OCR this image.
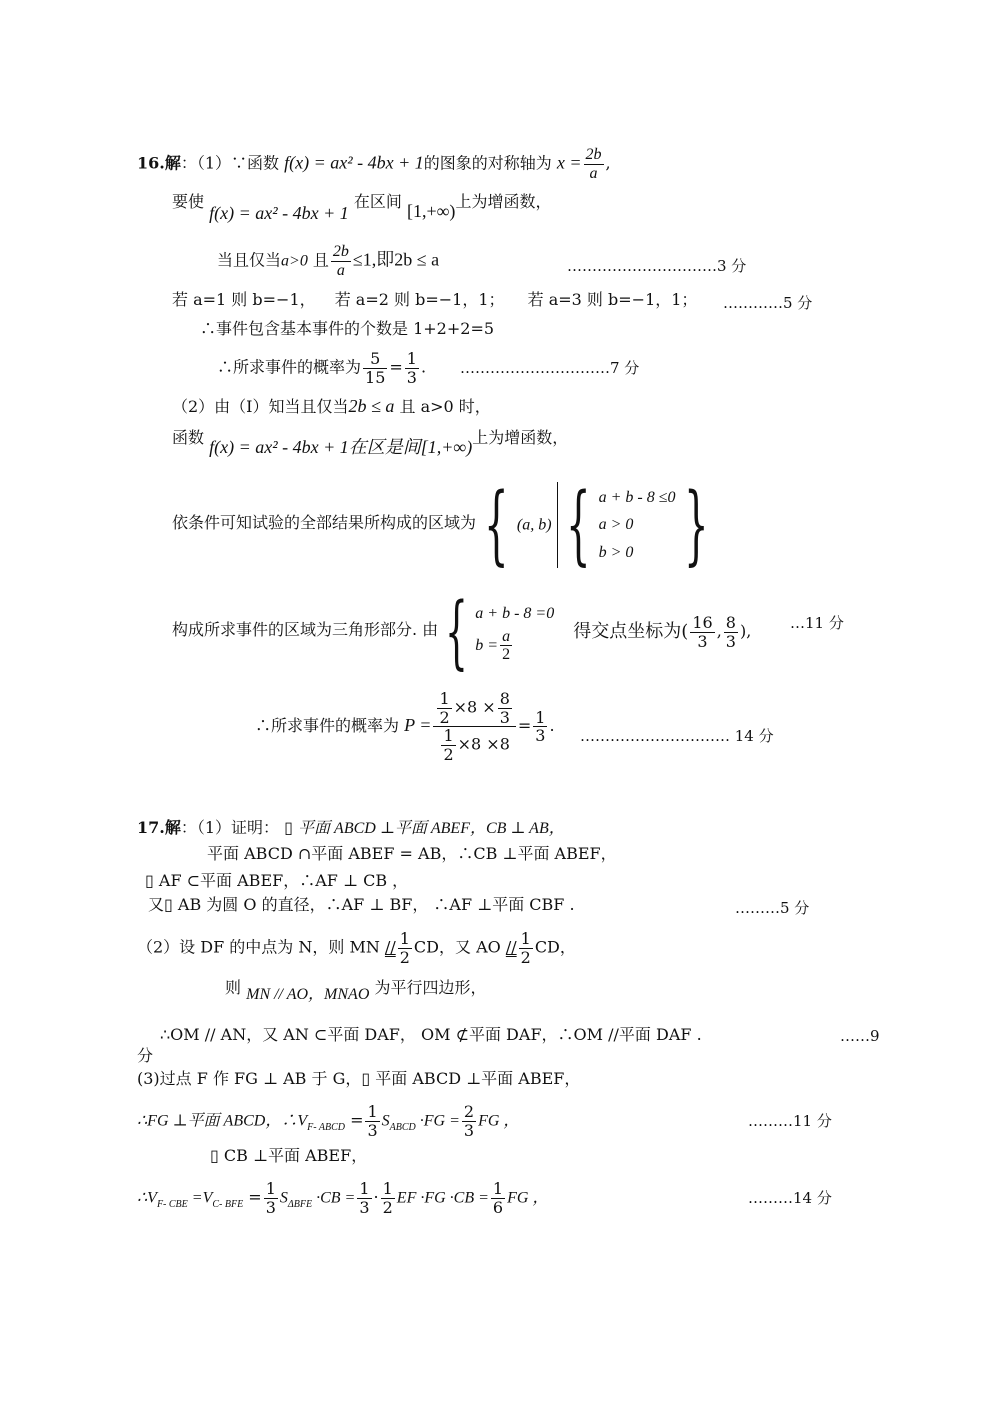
16.解：（1）∵函数 f(x) = ax² - 4bx + 1的图象的对称轴为 $x = \frac{2b}{a}$ ,
要使 f(x) = ax² - 4bx + 1 在区间 [1,+∞)上为增函数，
当且仅当a>0 且 $\frac{2b}{a} \le 1$,即2b ≤ a	…………………………3 分
若 a=1 则 b=−1， 若 a=2 则 b=−1，1； 若 a=3 则 b=−1，1； …………5 分
∴事件包含基本事件的个数是 1+2+2=5
∴所求事件的概率为 $\frac{5}{15} = \frac{1}{3}$ . …………………………7 分
（2）由（Ⅰ）知当且仅当2b ≤ a 且 a>0 时，
函数 f(x) = ax² - 4bx + 1在区是间[1,+∞)上为增函数，
依条件可知试验的全部结果所构成的区域为 { (a, b) { a + b - 8 ≤0
a > 0
b > 0 }
构成所求事件的区域为三角形部分. 由 { a + b - 8 =0
$b = \frac{a}{2}$	得交点坐标为( $\frac{16}{3}$ , $\frac{8}{3}$ ),	…11 分
∴所求事件的概率为 $P = \frac{\frac{1}{2} \times 8 \times \frac{8}{3}}{\frac{1}{2} \times 8 \times 8} = \frac{1}{3}$ .
………………………… 14 分
17.解：（1）证明： ▯ 平面 ABCD ⊥平面 ABEF，CB ⊥ AB，
平面 ABCD ∩平面 ABEF = AB，∴CB ⊥平面 ABEF，
▯ AF ⊂平面 ABEF，∴AF ⊥ CB ，
又▯ AB 为圆 O 的直径，∴AF ⊥ BF， ∴AF ⊥平面 CBF .	………5 分
（2）设 DF 的中点为 N，则 MN // $\frac{1}{2}$ CD，又 AO // $\frac{1}{2}$ CD，
则 MN // AO，MNAO 为平行四边形，
∴OM // AN，又 AN ⊂平面 DAF， OM ⊄平面 DAF，∴OM //平面 DAF .	……9
分
(3)过点 F 作 FG ⊥ AB 于 G，▯ 平面 ABCD ⊥平面 ABEF，
∴FG ⊥平面 ABCD，$\therefore V_{F- ABCD} = \frac{1}{3} S_{ABCD} \cdot FG = \frac{2}{3}$ FG ，	………11 分
▯ CB ⊥平面 ABEF，
$\therefore V_{F- CBE} =V_{C- BFE} = \frac{1}{3} S_{\Delta BFE} \cdot CB = \frac{1}{3} \cdot \frac{1}{2}$ EF $\cdot FG \cdot CB = \frac{1}{6}$ FG ，	………14 分
